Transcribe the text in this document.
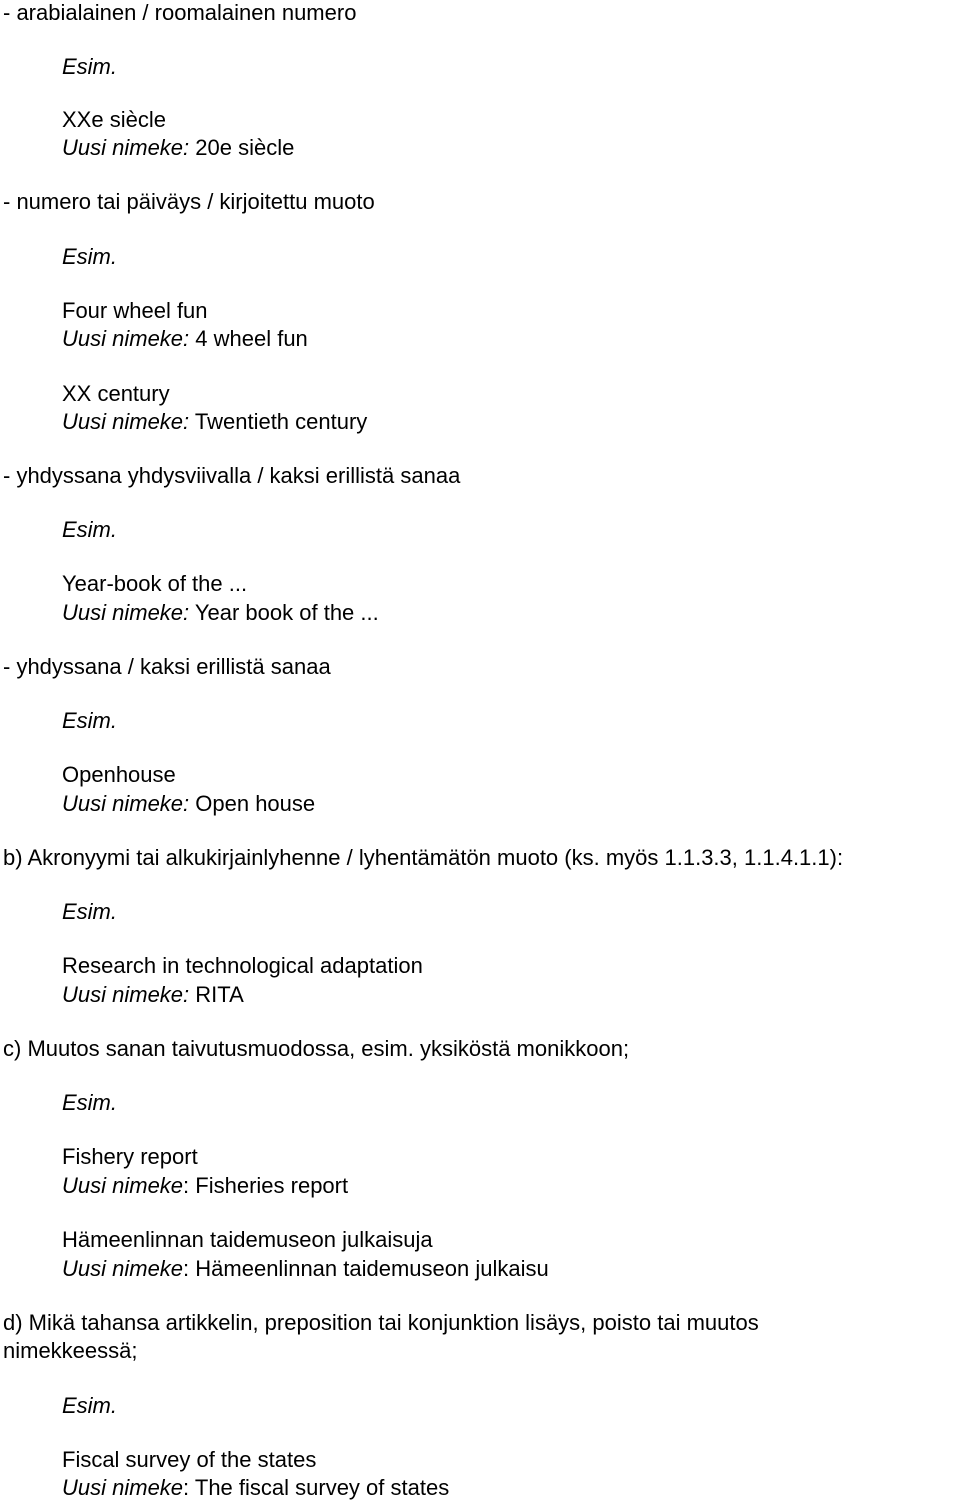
- arabialainen / roomalainen numero

Esim.

XXe siècle

Uusi nimeke: 20e siècle

- numero tai päiväys / kirjoitettu muoto

Esim.

Four wheel fun

Uusi nimeke: 4 wheel fun

XX century

Uusi nimeke: Twentieth century

- yhdyssana yhdysviivalla / kaksi erillistä sanaa

Esim.

Year-book of the ...

Uusi nimeke: Year book of the ...

- yhdyssana / kaksi erillistä sanaa

Esim.

Openhouse

Uusi nimeke: Open house

b) Akronyymi tai alkukirjainlyhenne / lyhentämätön muoto (ks. myös 1.1.3.3, 1.1.4.1.1):

Esim.

Research in technological adaptation

Uusi nimeke: RITA

c) Muutos sanan taivutusmuodossa, esim. yksiköstä monikkoon;

Esim.

Fishery report

Uusi nimeke: Fisheries report

Hämeenlinnan taidemuseon julkaisuja

Uusi nimeke: Hämeenlinnan taidemuseon julkaisu

d) Mikä tahansa artikkelin, preposition tai konjunktion lisäys, poisto tai muutos

nimekkeessä;

Esim.

Fiscal survey of the states

Uusi nimeke: The fiscal survey of states
